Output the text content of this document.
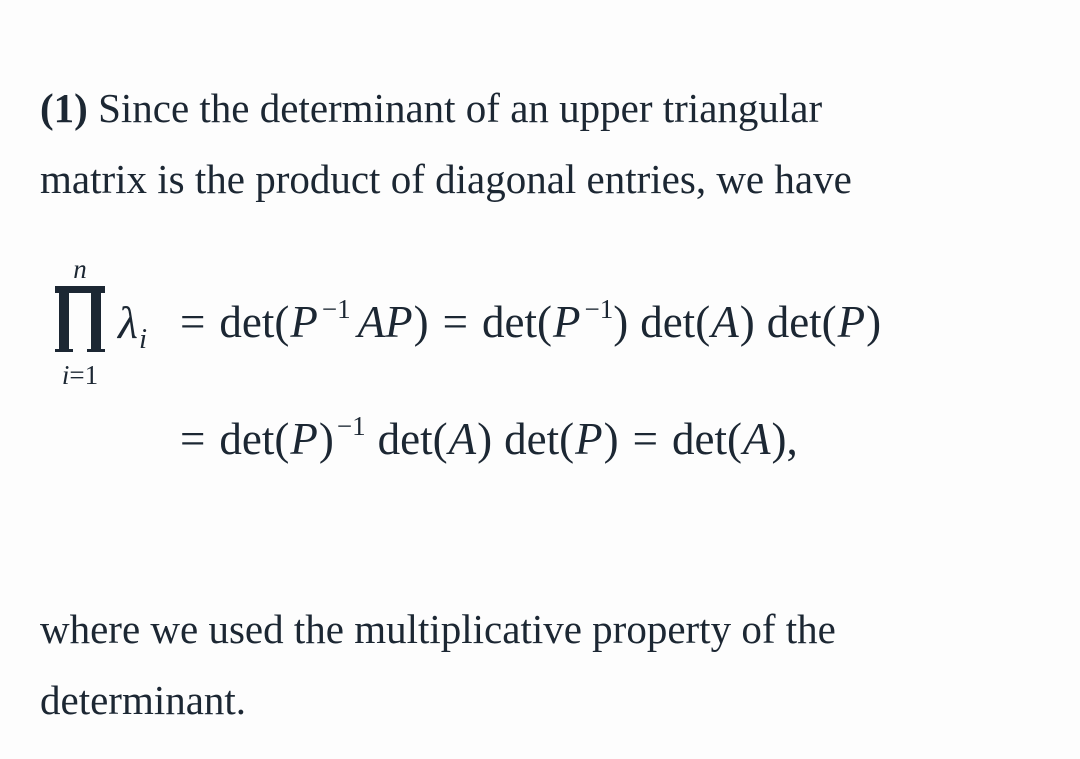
(1) Since the determinant of an upper triangular
matrix is the product of diagonal entries, we have

n
i=1
$\lambda_i = \det(P$ $^{-1}$ AP) = det(P $^{-1}$) det(A) det(P)
= det(P) $^{-1}$ det(A) det(P) = det(A),

where we used the multiplicative property of the
determinant.
